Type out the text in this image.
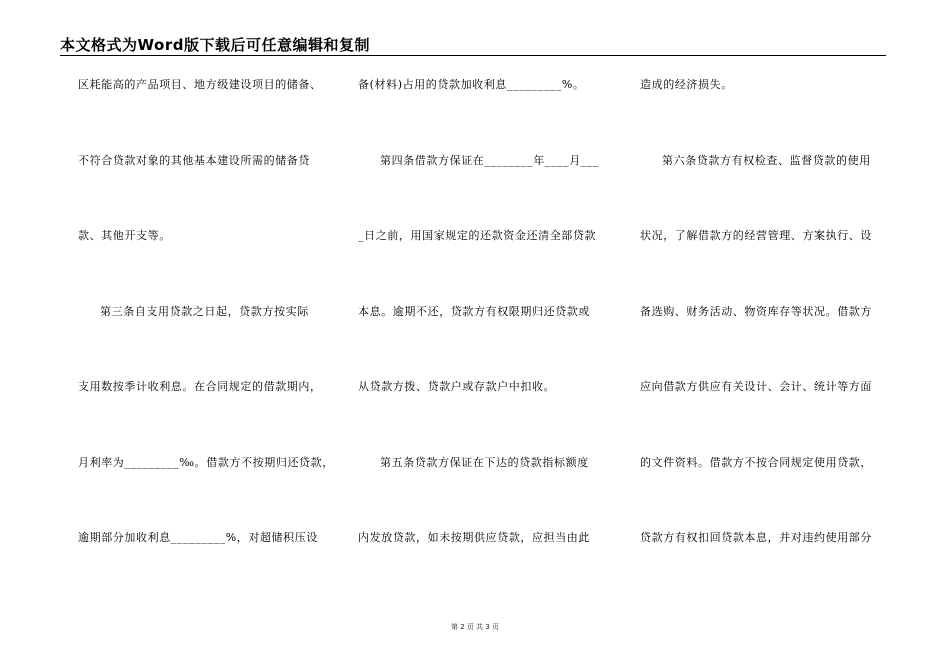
本文格式为Word版下载后可任意编辑和复制
区耗能高的产品项目、地方级建设项目的储备、
不符合贷款对象的其他基本建设所需的储备贷
款、其他开支等。
第三条自支用贷款之日起，贷款方按实际
支用数按季计收利息。在合同规定的借款期内，
月利率为_________‰。借款方不按期归还贷款，
逾期部分加收利息_________%，对超储积压设
备(材料)占用的贷款加收利息_________%。
第四条借款方保证在________年____月___
_日之前，用国家规定的还款资金还清全部贷款
本息。逾期不还，贷款方有权限期归还贷款或
从贷款方拨、贷款户或存款户中扣收。
第五条贷款方保证在下达的贷款指标额度
内发放贷款，如未按期供应贷款，应担当由此
造成的经济损失。
第六条贷款方有权检查、监督贷款的使用
状况，了解借款方的经营管理、方案执行、设
备选购、财务活动、物资库存等状况。借款方
应向借款方供应有关设计、会计、统计等方面
的文件资料。借款方不按合同规定使用贷款，
贷款方有权扣回贷款本息，并对违约使用部分
第 2 页 共 3 页
